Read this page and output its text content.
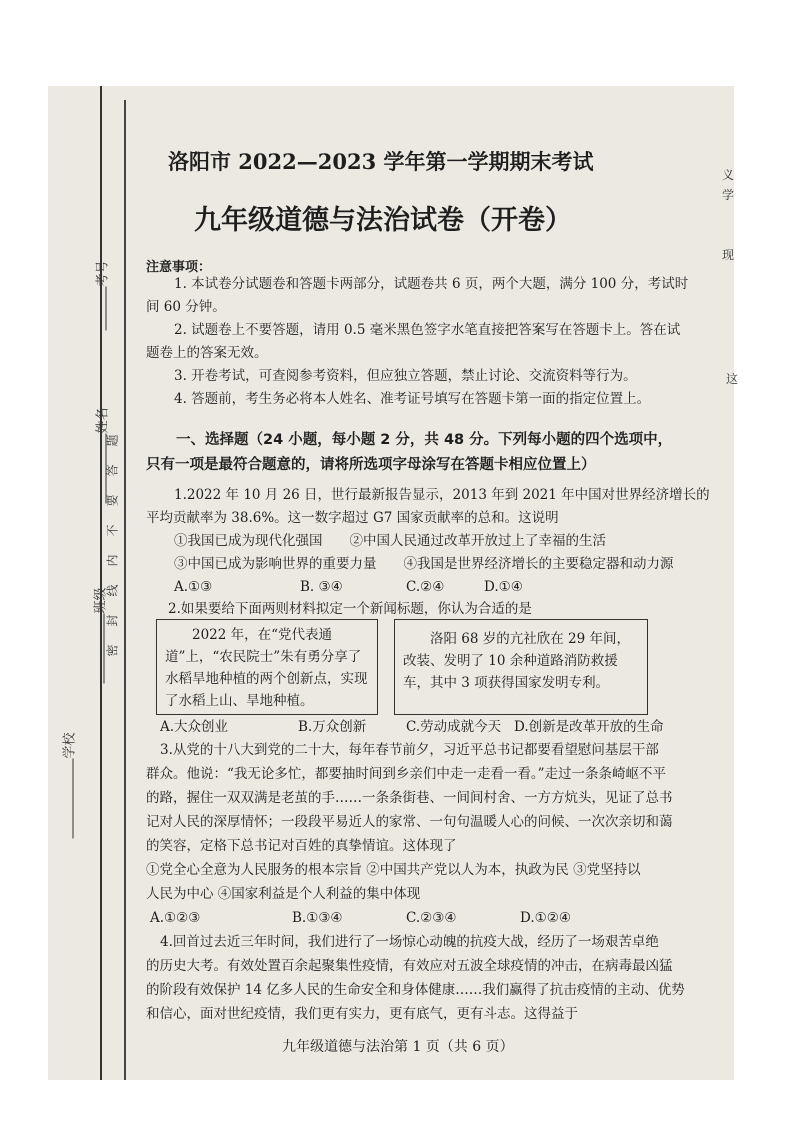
考号
姓名
班级
学校
密
封
线
内
不
要
答
题
洛阳市 2022—2023 学年第一学期期末考试
九年级道德与法治试卷（开卷）
注意事项：
1. 本试卷分试题卷和答题卡两部分，试题卷共 6 页，两个大题，满分 100 分，考试时
间 60 分钟。
2. 试题卷上不要答题，请用 0.5 毫米黑色签字水笔直接把答案写在答题卡上。答在试
题卷上的答案无效。
3. 开卷考试，可查阅参考资料，但应独立答题，禁止讨论、交流资料等行为。
4. 答题前，考生务必将本人姓名、准考证号填写在答题卡第一面的指定位置上。
一、选择题（24 小题，每小题 2 分，共 48 分。下列每小题的四个选项中，
只有一项是最符合题意的，请将所选项字母涂写在答题卡相应位置上）
1.2022 年 10 月 26 日，世行最新报告显示，2013 年到 2021 年中国对世界经济增长的
平均贡献率为 38.6%。这一数字超过 G7 国家贡献率的总和。这说明
①我国已成为现代化强国　　②中国人民通过改革开放过上了幸福的生活
③中国已成为影响世界的重要力量　　④我国是世界经济增长的主要稳定器和动力源
A.①③	B. ③④	C.②④	D.①④
2.如果要给下面两则材料拟定一个新闻标题，你认为合适的是
2022 年，在“党代表通道”上，“农民院士”朱有勇分享了水稻旱地种植的两个创新点，实现了水稻上山、旱地种植。
洛阳 68 岁的亢社欣在 29 年间，改装、发明了 10 余种道路消防救援车，其中 3 项获得国家发明专利。
A.大众创业	B.万众创新	C.劳动成就今天 D.创新是改革开放的生命
3.从党的十八大到党的二十大，每年春节前夕，习近平总书记都要看望慰问基层干部
群众。他说：“我无论多忙，都要抽时间到乡亲们中走一走看一看。”走过一条条崎岖不平
的路，握住一双双满是老茧的手……一条条街巷、一间间村舍、一方方炕头，见证了总书
记对人民的深厚情怀；一段段平易近人的家常、一句句温暖人心的问候、一次次亲切和蔼
的笑容，定格下总书记对百姓的真挚情谊。这体现了
①党全心全意为人民服务的根本宗旨 ②中国共产党以人为本，执政为民 ③党坚持以
人民为中心 ④国家利益是个人利益的集中体现
A.①②③	B.①③④	C.②③④	D.①②④
4.回首过去近三年时间，我们进行了一场惊心动魄的抗疫大战，经历了一场艰苦卓绝
的历史大考。有效处置百余起聚集性疫情，有效应对五波全球疫情的冲击，在病毒最凶猛
的阶段有效保护 14 亿多人民的生命安全和身体健康……我们赢得了抗击疫情的主动、优势
和信心，面对世纪疫情，我们更有实力，更有底气，更有斗志。这得益于
九年级道德与法治第 1 页（共 6 页）
义
学
现
这
